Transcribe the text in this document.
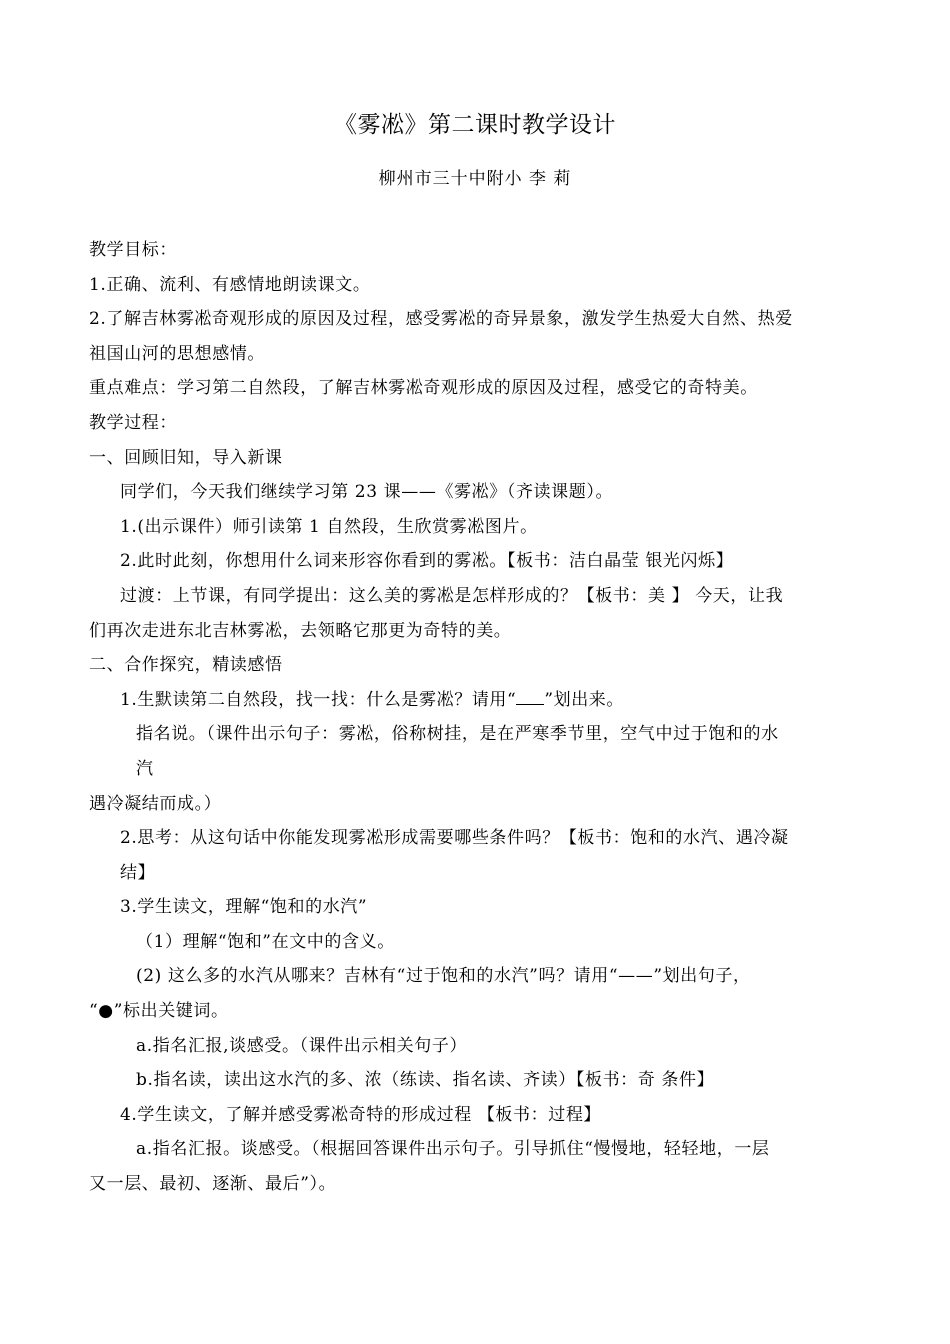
《雾凇》第二课时教学设计
柳州市三十中附小 李 莉

教学目标：

1.正确、流利、有感情地朗读课文。

2.了解吉林雾凇奇观形成的原因及过程，感受雾凇的奇异景象，激发学生热爱大自然、热爱

祖国山河的思想感情。

重点难点：学习第二自然段，了解吉林雾凇奇观形成的原因及过程，感受它的奇特美。

教学过程：

一、回顾旧知，导入新课

同学们，今天我们继续学习第 23 课——《雾凇》（齐读课题）。

1.(出示课件）师引读第 1 自然段，生欣赏雾凇图片。

2.此时此刻，你想用什么词来形容你看到的雾凇。【板书：洁白晶莹 银光闪烁】

过渡：上节课，有同学提出：这么美的雾凇是怎样形成的？【板书：美 】 今天，让我

们再次走进东北吉林雾凇，去领略它那更为奇特的美。

二、合作探究，精读感悟

1.生默读第二自然段，找一找：什么是雾凇？请用“ ”划出来。

指名说。（课件出示句子：雾凇，俗称树挂，是在严寒季节里，空气中过于饱和的水

汽

遇冷凝结而成。）

2.思考：从这句话中你能发现雾凇形成需要哪些条件吗？【板书：饱和的水汽、遇冷凝

结】

3.学生读文，理解“饱和的水汽”

（1）理解“饱和”在文中的含义。

(2) 这么多的水汽从哪来？吉林有“过于饱和的水汽”吗？请用“——”划出句子，

“●”标出关键词。

a.指名汇报,谈感受。（课件出示相关句子）

b.指名读，读出这水汽的多、浓（练读、指名读、齐读）【板书：奇 条件】

4.学生读文，了解并感受雾凇奇特的形成过程 【板书：过程】

a.指名汇报。谈感受。（根据回答课件出示句子。引导抓住“慢慢地，轻轻地，一层

又一层、最初、逐渐、最后”）。
